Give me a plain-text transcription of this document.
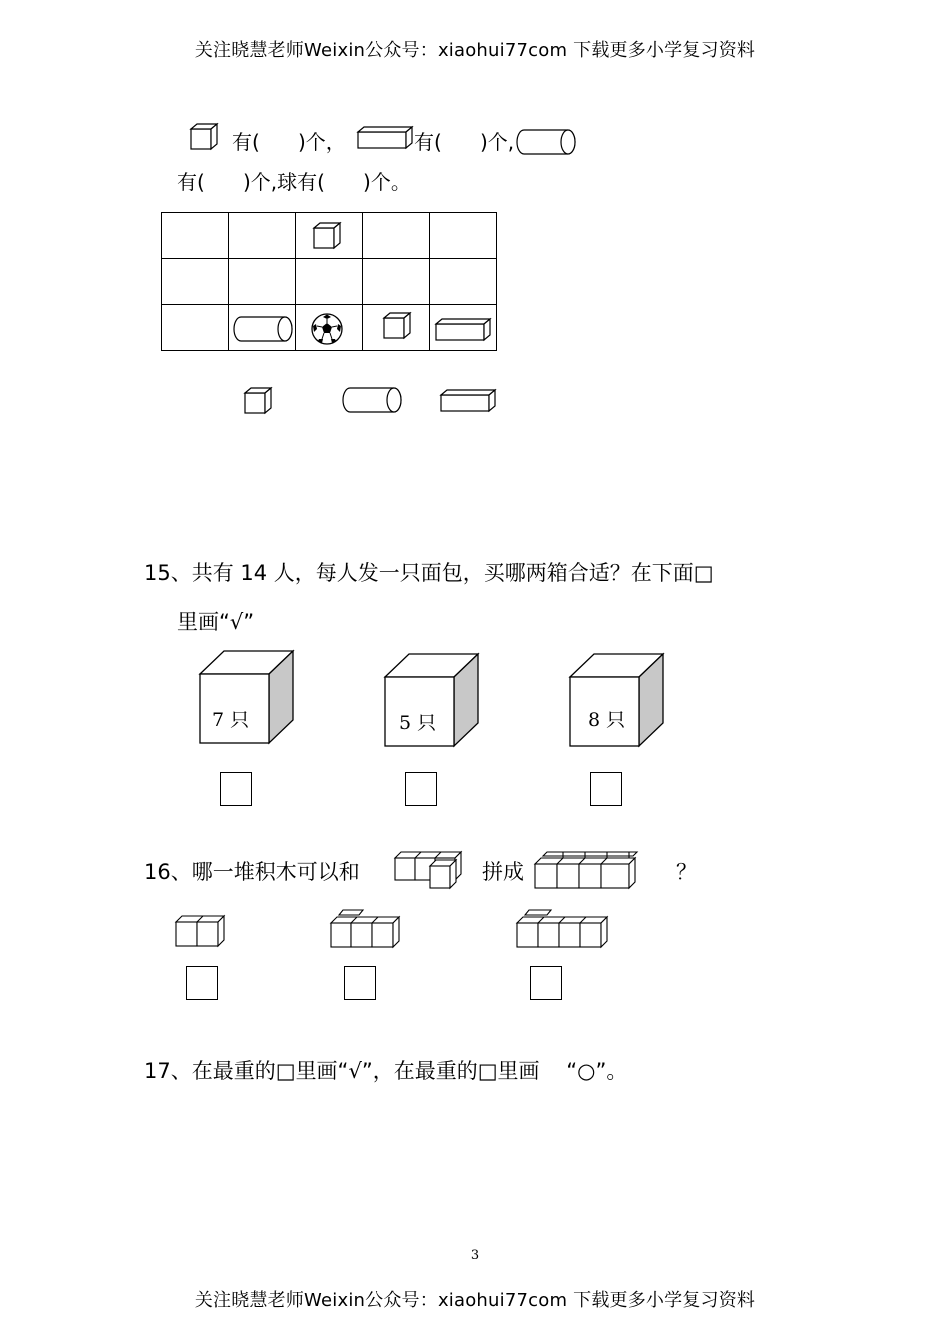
关注晓慧老师Weixin公众号：xiaohui77com 下载更多小学复习资料
关注晓慧老师Weixin公众号：xiaohui77com 下载更多小学复习资料
有(      )个，	有(      )个,
有(      )个,球有(      )个。

15、共有 14 人，每人发一只面包，买哪两箱合适？在下面□
里画“√”
7 只	5 只	8 只
16、哪一堆积木可以和	拼成	？
17、在最重的□里画“√”，在最重的□里画    “○”。
3
